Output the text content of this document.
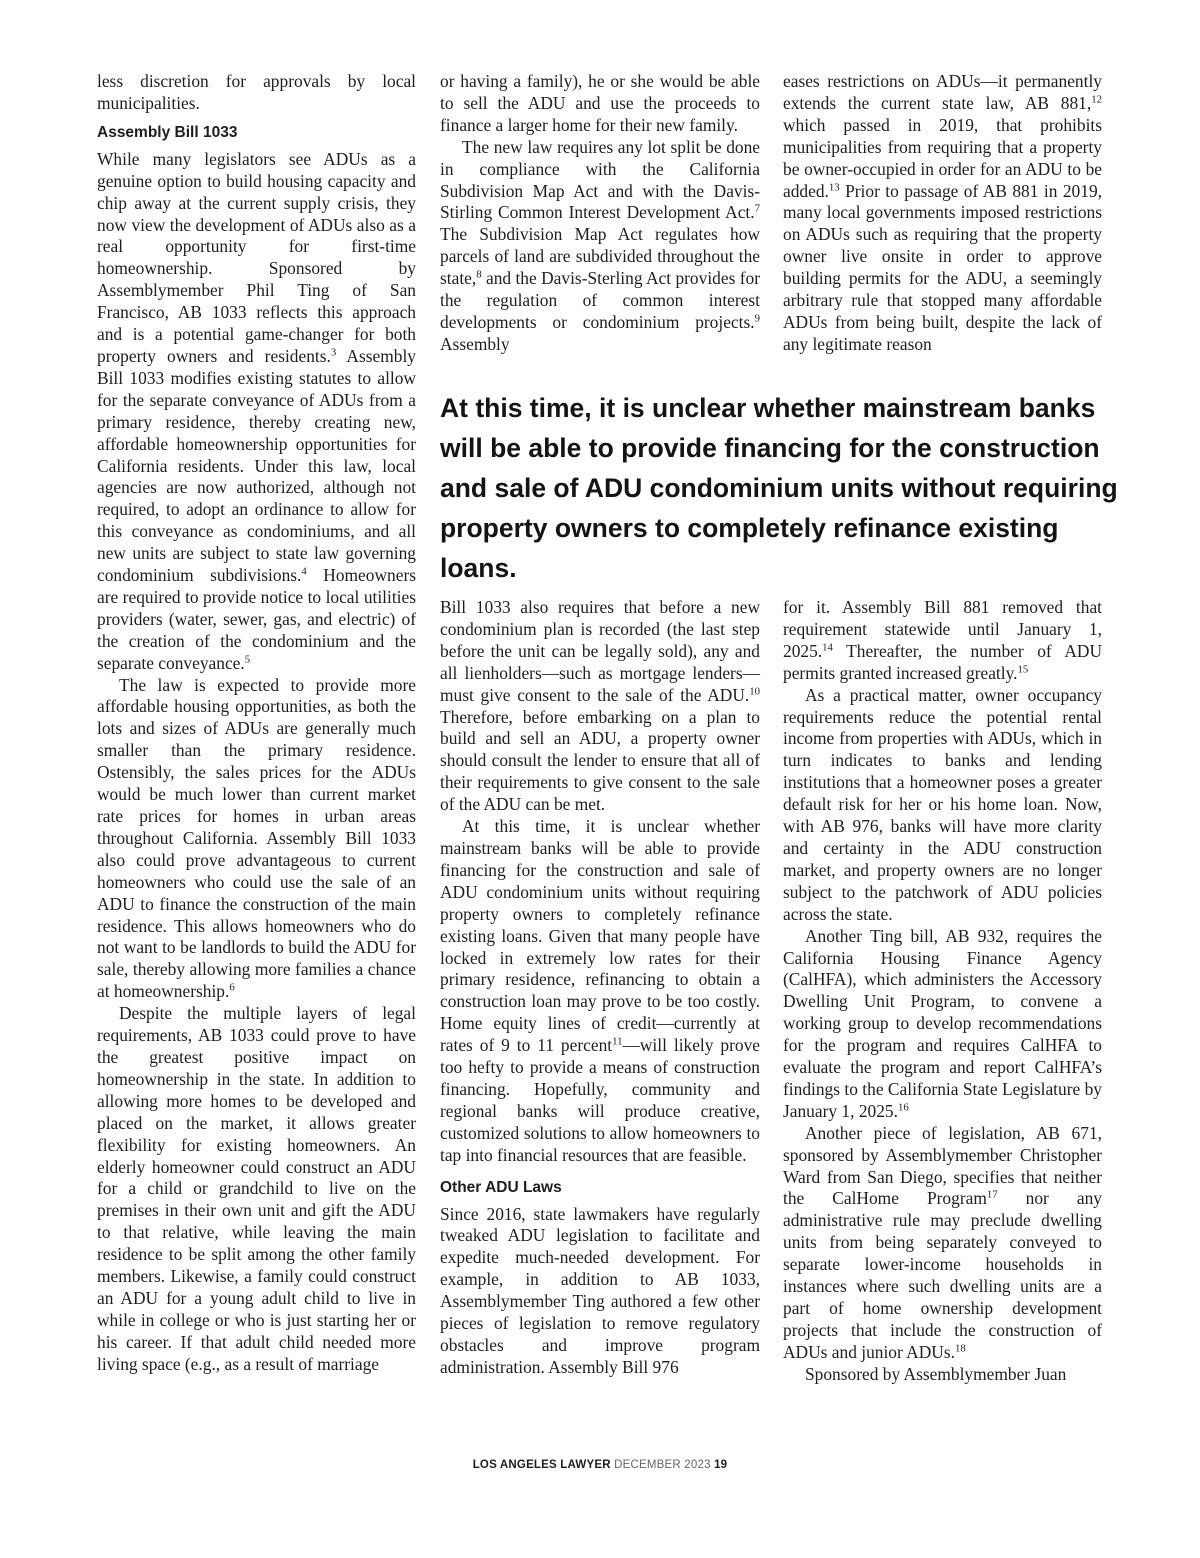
less discretion for approvals by local municipalities.

Assembly Bill 1033

While many legislators see ADUs as a genuine option to build housing capacity and chip away at the current supply crisis, they now view the development of ADUs also as a real opportunity for first-time homeownership. Sponsored by Assemblymember Phil Ting of San Francisco, AB 1033 reflects this approach and is a potential game-changer for both property owners and residents.$^3$ Assembly Bill 1033 modifies existing statutes to allow for the separate conveyance of ADUs from a primary residence, thereby creating new, affordable homeownership opportunities for California residents. Under this law, local agencies are now authorized, although not required, to adopt an ordinance to allow for this conveyance as condominiums, and all new units are subject to state law governing condominium subdivisions.$^4$ Homeowners are required to provide notice to local utilities providers (water, sewer, gas, and electric) of the creation of the condominium and the separate conveyance.$^5$

The law is expected to provide more affordable housing opportunities, as both the lots and sizes of ADUs are generally much smaller than the primary residence. Ostensibly, the sales prices for the ADUs would be much lower than current market rate prices for homes in urban areas throughout California. Assembly Bill 1033 also could prove advantageous to current homeowners who could use the sale of an ADU to finance the construction of the main residence. This allows homeowners who do not want to be landlords to build the ADU for sale, thereby allowing more families a chance at homeownership.$^6$

Despite the multiple layers of legal requirements, AB 1033 could prove to have the greatest positive impact on homeownership in the state. In addition to allowing more homes to be developed and placed on the market, it allows greater flexibility for existing homeowners. An elderly homeowner could construct an ADU for a child or grandchild to live on the premises in their own unit and gift the ADU to that relative, while leaving the main residence to be split among the other family members. Likewise, a family could construct an ADU for a young adult child to live in while in college or who is just starting her or his career. If that adult child needed more living space (e.g., as a result of marriage

or having a family), he or she would be able to sell the ADU and use the proceeds to finance a larger home for their new family.

The new law requires any lot split be done in compliance with the California Subdivision Map Act and with the Davis-Stirling Common Interest Development Act.$^7$ The Subdivision Map Act regulates how parcels of land are subdivided throughout the state,$^8$ and the Davis-Sterling Act provides for the regulation of common interest developments or condominium projects.$^9$ Assembly

eases restrictions on ADUs—it permanently extends the current state law, AB 881,12 which passed in 2019, that prohibits municipalities from requiring that a property be owner-occupied in order for an ADU to be added.$^{13}$ Prior to passage of AB 881 in 2019, many local governments imposed restrictions on ADUs such as requiring that the property owner live onsite in order to approve building permits for the ADU, a seemingly arbitrary rule that stopped many affordable ADUs from being built, despite the lack of any legitimate reason

At this time, it is unclear whether mainstream banks will be able to provide financing for the construction and sale of ADU condominium units without requiring property owners to completely refinance existing loans.

Bill 1033 also requires that before a new condominium plan is recorded (the last step before the unit can be legally sold), any and all lienholders—such as mortgage lenders—must give consent to the sale of the ADU.$^{10}$ Therefore, before embarking on a plan to build and sell an ADU, a property owner should consult the lender to ensure that all of their requirements to give consent to the sale of the ADU can be met.

At this time, it is unclear whether mainstream banks will be able to provide financing for the construction and sale of ADU condominium units without requiring property owners to completely refinance existing loans. Given that many people have locked in extremely low rates for their primary residence, refinancing to obtain a construction loan may prove to be too costly. Home equity lines of credit—currently at rates of 9 to 11 percent$^{11}$—will likely prove too hefty to provide a means of construction financing. Hopefully, community and regional banks will produce creative, customized solutions to allow homeowners to tap into financial resources that are feasible.

Other ADU Laws

Since 2016, state lawmakers have regularly tweaked ADU legislation to facilitate and expedite much-needed development. For example, in addition to AB 1033, Assemblymember Ting authored a few other pieces of legislation to remove regulatory obstacles and improve program administration. Assembly Bill 976

for it. Assembly Bill 881 removed that requirement statewide until January 1, 2025.14 Thereafter, the number of ADU permits granted increased greatly.$^{15}$

As a practical matter, owner occupancy requirements reduce the potential rental income from properties with ADUs, which in turn indicates to banks and lending institutions that a homeowner poses a greater default risk for her or his home loan. Now, with AB 976, banks will have more clarity and certainty in the ADU construction market, and property owners are no longer subject to the patchwork of ADU policies across the state.

Another Ting bill, AB 932, requires the California Housing Finance Agency (CalHFA), which administers the Accessory Dwelling Unit Program, to convene a working group to develop recommendations for the program and requires CalHFA to evaluate the program and report CalHFA’s findings to the California State Legislature by January 1, 2025.16

Another piece of legislation, AB 671, sponsored by Assemblymember Christopher Ward from San Diego, specifies that neither the CalHome Program$^{17}$ nor any administrative rule may preclude dwelling units from being separately conveyed to separate lower-income households in instances where such dwelling units are a part of home ownership development projects that include the construction of ADUs and junior ADUs.$^{18}$

Sponsored by Assemblymember Juan

LOS ANGELES LAWYER DECEMBER 2023 19
